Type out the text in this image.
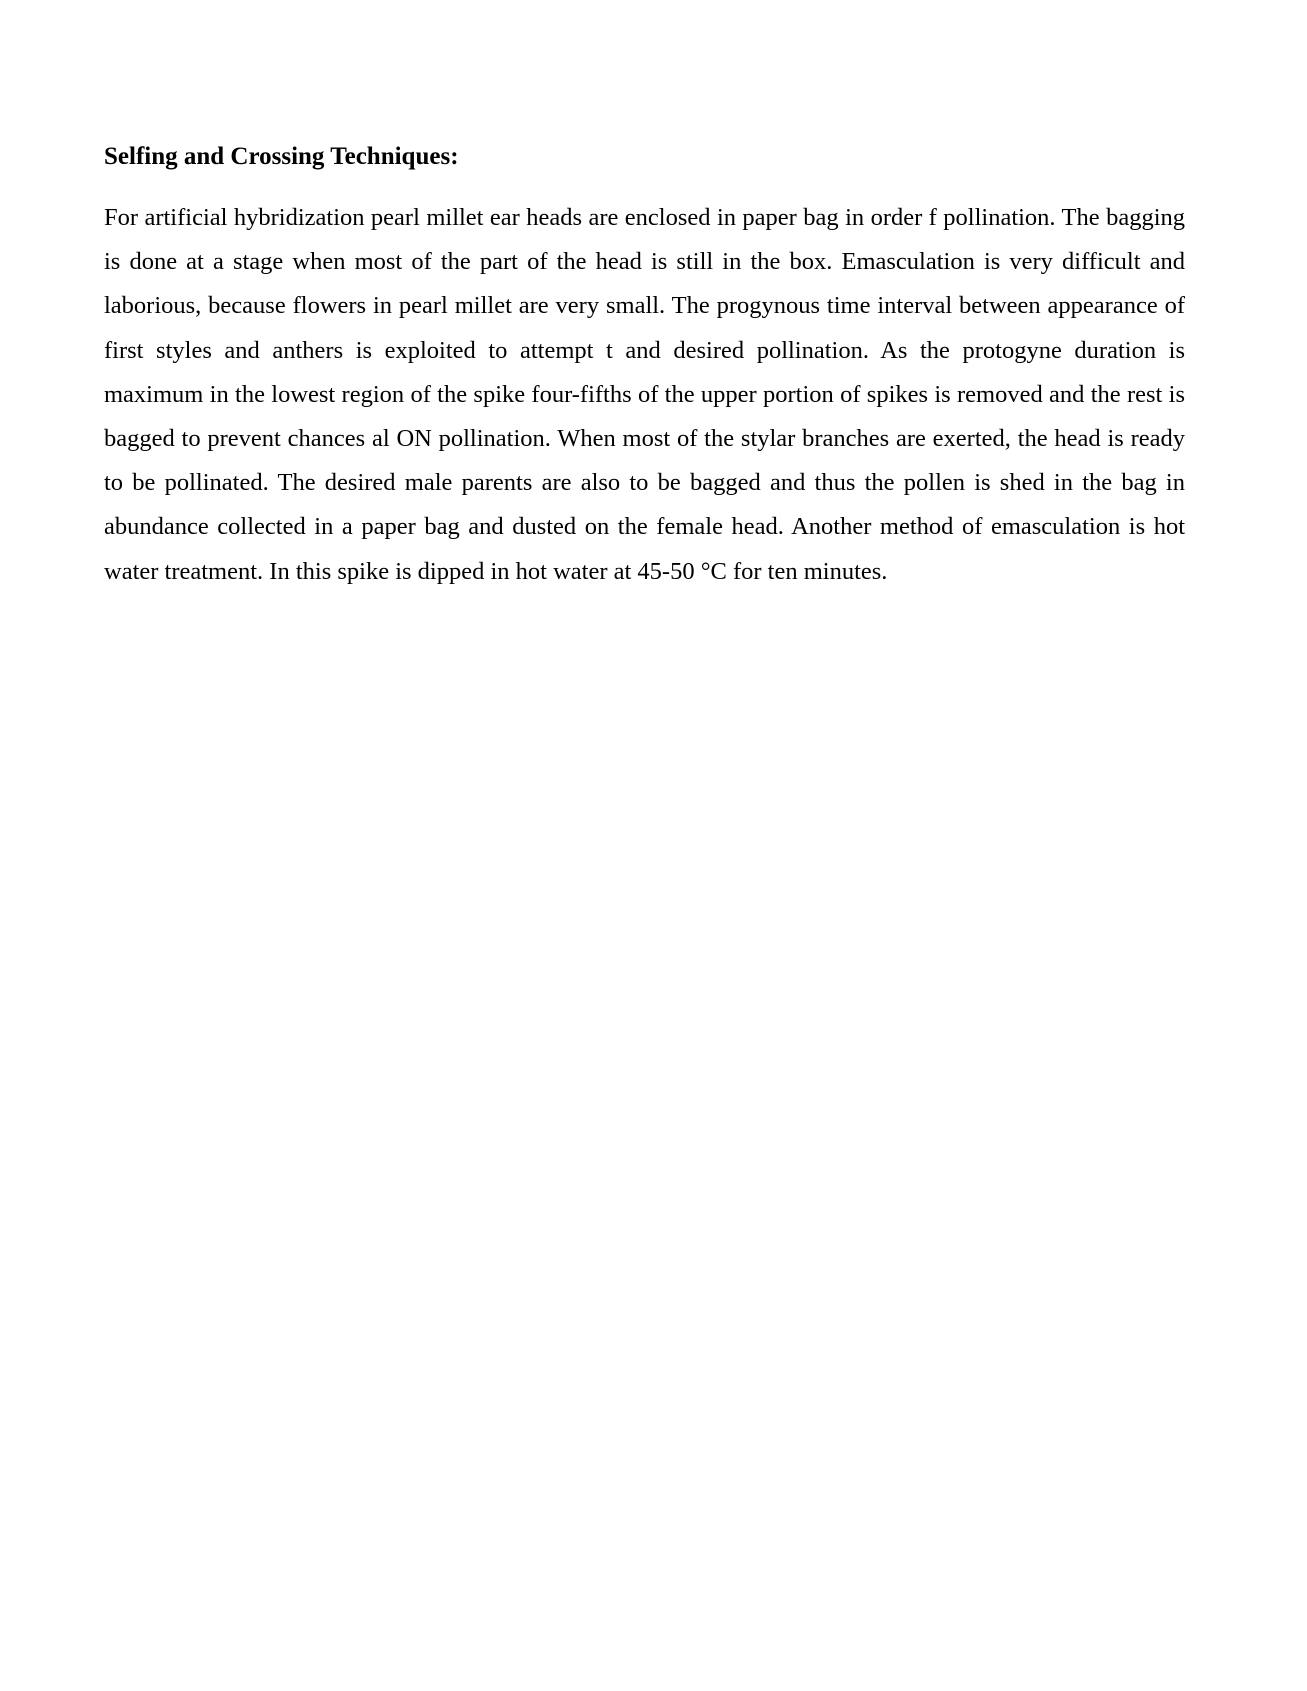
Selfing and Crossing Techniques:

For artificial hybridization pearl millet ear heads are enclosed in paper bag in order f pollination. The bagging is done at a stage when most of the part of the head is still in the box. Emasculation is very difficult and laborious, because flowers in pearl millet are very small. The progynous time interval between appearance of first styles and anthers is exploited to attempt t and desired pollination. As the protogyne duration is maximum in the lowest region of the spike four-fifths of the upper portion of spikes is removed and the rest is bagged to prevent chances al ON pollination. When most of the stylar branches are exerted, the head is ready to be pollinated. The desired male parents are also to be bagged and thus the pollen is shed in the bag in abundance collected in a paper bag and dusted on the female head. Another method of emasculation is hot water treatment. In this spike is dipped in hot water at 45-50 °C for ten minutes.
